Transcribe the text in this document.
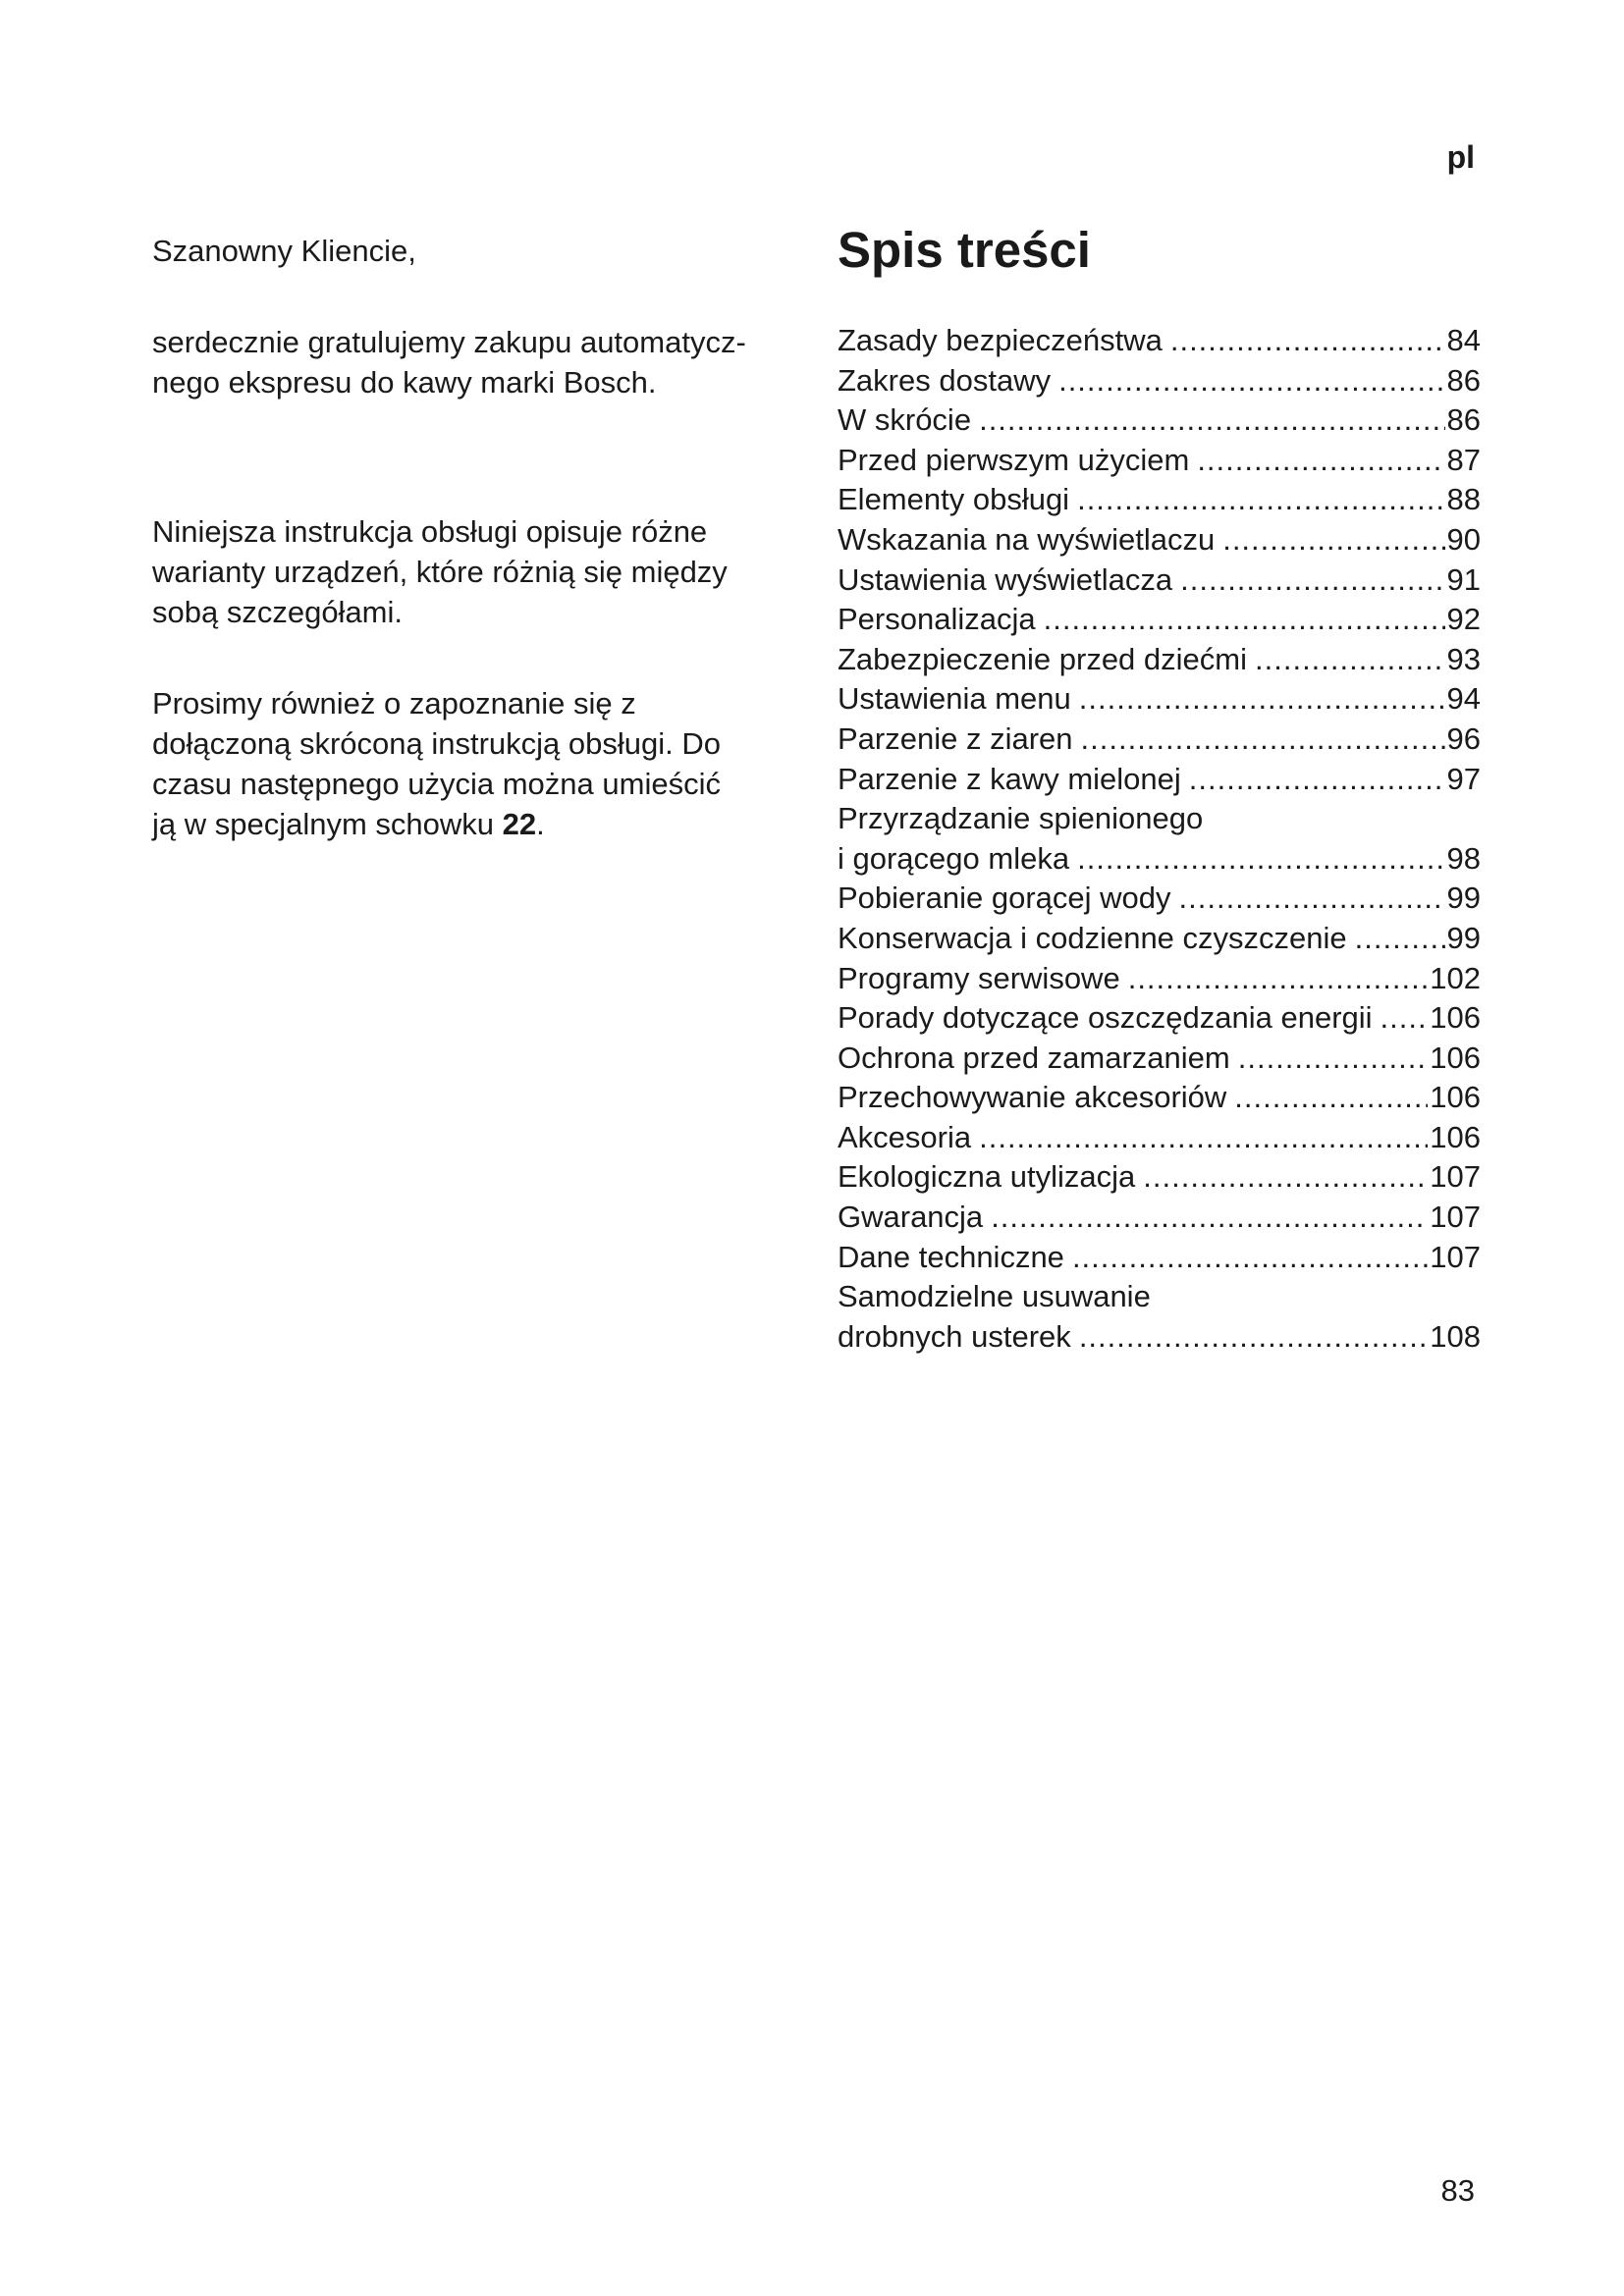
pl

Szanowny Kliencie,

serdecznie gratulujemy zakupu automatycz-
nego ekspresu do kawy marki Bosch.

Niniejsza instrukcja obsługi opisuje różne
warianty urządzeń, które różnią się między
sobą szczegółami.

Prosimy również o zapoznanie się z
dołączoną skróconą instrukcją obsługi. Do
czasu następnego użycia można umieścić
ją w specjalnym schowku 22.

Spis treści
Zasady bezpieczeństwa .....	84
Zakres dostawy .....	86
W skrócie .....	86
Przed pierwszym użyciem .....	87
Elementy obsługi .....	88
Wskazania na wyświetlaczu .....	90
Ustawienia wyświetlacza .....	91
Personalizacja .....	92
Zabezpieczenie przed dziećmi .....	93
Ustawienia menu .....	94
Parzenie z ziaren .....	96
Parzenie z kawy mielonej .....	97
Przyrządzanie spienionego
i gorącego mleka .....	98
Pobieranie gorącej wody .....	99
Konserwacja i codzienne czyszczenie .....	99
Programy serwisowe .....	102
Porady dotyczące oszczędzania energii ..... 106
Ochrona przed zamarzaniem .....	106
Przechowywanie akcesoriów .....	106
Akcesoria .....	106
Ekologiczna utylizacja .....	107
Gwarancja .....	107
Dane techniczne .....	107
Samodzielne usuwanie
drobnych usterek .....	108
83
